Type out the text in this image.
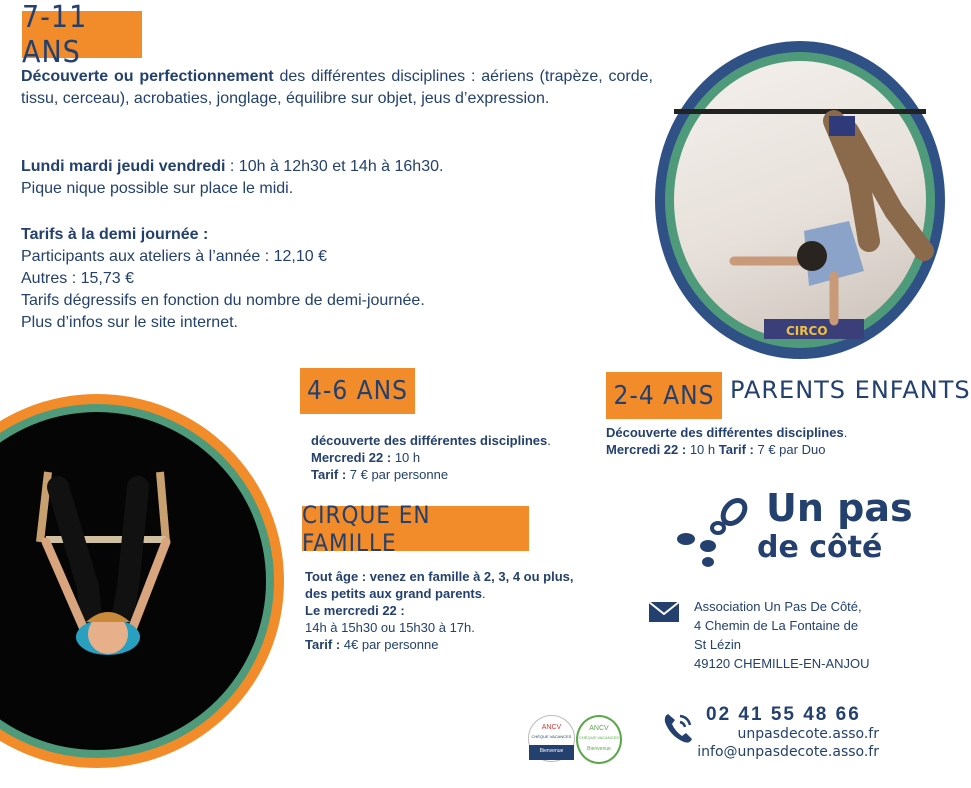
7-11 ANS
Découverte ou perfectionnement des différentes disciplines : aériens (trapèze, corde, tissu, cerceau), acrobaties, jonglage, équilibre sur objet, jeus d’expression.
Lundi mardi jeudi vendredi : 10h à 12h30 et 14h à 16h30.
Pique nique possible sur place le midi.
Tarifs à la demi journée :
Participants aux ateliers à l’année : 12,10 €
Autres : 15,73 €
Tarifs dégressifs en fonction du nombre de demi-journée.
Plus d’infos sur le site internet.	CIRCO
4-6 ANS
découverte des différentes disciplines.
Mercredi 22 : 10 h
Tarif : 7 € par personne
CIRQUE EN FAMILLE
Tout âge : venez en famille à 2, 3, 4 ou plus, des petits aux grand parents.
Le mercredi 22 :
14h à 15h30 ou 15h30 à 17h.
Tarif : 4€ par personne
2-4 ANS PARENTS ENFANTS
Découverte des différentes disciplines.
Mercredi 22 : 10 h Tarif : 7 € par Duo
Un pas
de côté
Association Un Pas De Côté,
4 Chemin de La Fontaine de
St Lézin
49120 CHEMILLE-EN-ANJOU
02 41 55 48 66
unpasdecote.asso.fr
info@unpasdecote.asso.fr
ANCV
CHÈQUE VACANCES
Bienvenue
ANCV
CHÈQUE VACANCES
Bienvenue
